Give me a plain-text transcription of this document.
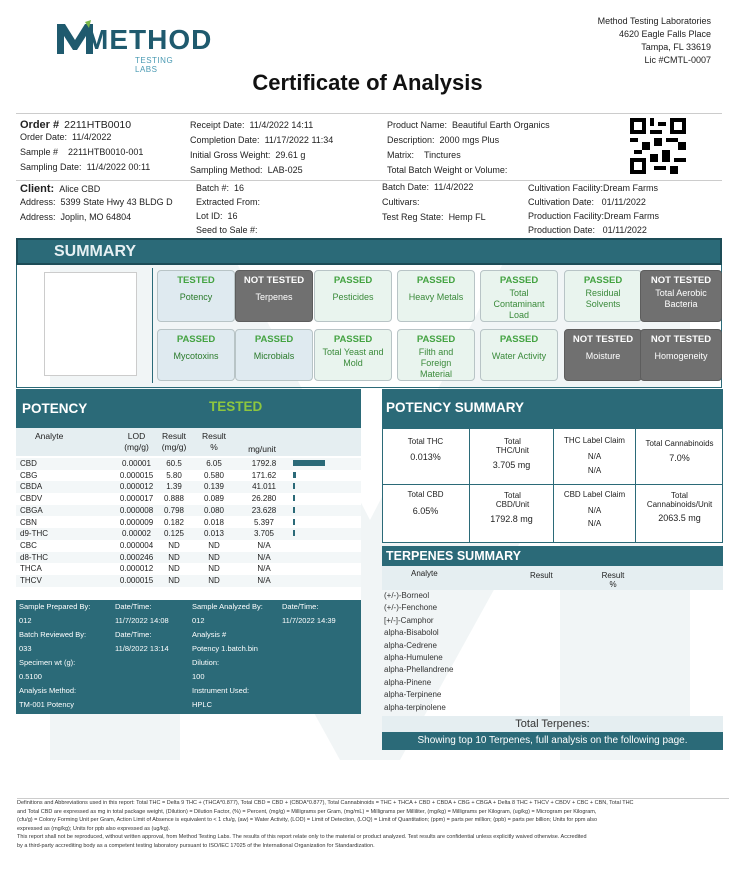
METHOD
TESTING LABS
Method Testing Laboratories
4620 Eagle Falls Place
Tampa, FL 33619
Lic #CMTL-0007
Certificate of Analysis
Order # 2211HTB0010
Order Date: 11/4/2022
Sample # 2211HTB0010-001
Sampling Date: 11/4/2022 00:11
Receipt Date: 11/4/2022 14:11
Completion Date: 11/17/2022 11:34
Initial Gross Weight: 29.61 g
Sampling Method: LAB-025
Product Name: Beautiful Earth Organics
Description: 2000 mgs Plus
Matrix: Tinctures
Total Batch Weight or Volume:
Client: Alice CBD
Address: 5399 State Hwy 43 BLDG D
Address: Joplin, MO 64804
Batch #: 16
Extracted From:
Lot ID: 16
Seed to Sale #:
Batch Date: 11/4/2022
Cultivars:
Test Reg State: Hemp FL
Cultivation Facility:Dream Farms
Cultivation Date: 01/11/2022
Production Facility:Dream Farms
Production Date: 01/11/2022
SUMMARY
TESTED
Potency
NOT TESTED
Terpenes
PASSED
Pesticides
PASSED
Heavy Metals
PASSED
Total Contaminant Load
PASSED
Residual Solvents
NOT TESTED
Total Aerobic Bacteria
PASSED
Mycotoxins
PASSED
Microbials
PASSED
Total Yeast and Mold
PASSED
Filth and Foreign Material
PASSED
Water Activity
NOT TESTED
Moisture
NOT TESTED
Homogeneity
POTENCY	TESTED
Analyte	LOD (mg/g)
Result (mg/g)
Result %	mg/unit
CBD	0.00001	60.5	6.05	1792.8
CBG	0.000015	5.80	0.580	171.62
CBDA	0.000012	1.39	0.139	41.011
CBDV	0.000017	0.888	0.089	26.280
CBGA	0.000008	0.798	0.080	23.628
CBN	0.000009	0.182	0.018	5.397
d9-THC	0.00002	0.125	0.013	3.705
CBC	0.000004	ND	ND	N/A
d8-THC	0.000246	ND	ND	N/A
THCA	0.000012	ND	ND	N/A
THCV	0.000015	ND	ND	N/A
Sample Prepared By:
012
Date/Time:
11/7/2022 14:08
Sample Analyzed By:
012
Date/Time:
11/7/2022 14:39
Batch Reviewed By:
033
Date/Time:
11/8/2022 13:14
Analysis #
Potency 1.batch.bin
Specimen wt (g):
0.5100
Dilution:
100
Analysis Method:
TM-001 Potency
Instrument Used:
HPLC
POTENCY SUMMARY
Total THC
0.013%
Total THC/Unit
3.705 mg
THC Label Claim
N/A
N/A
Total Cannabinoids
7.0%
Total CBD
6.05%
Total CBD/Unit
1792.8 mg
CBD Label Claim
N/A
N/A
Total Cannabinoids/Unit
2063.5 mg
TERPENES SUMMARY
Analyte	Result	Result %
(+/-)-Borneol
(+/-)-Fenchone
[+/-]-Camphor
alpha-Bisabolol
alpha-Cedrene
alpha-Humulene
alpha-Phellandrene
alpha-Pinene
alpha-Terpinene
alpha-terpinolene
Total Terpenes:
Showing top 10 Terpenes, full analysis on the following page.
Definitions and Abbreviations used in this report: Total THC = Delta 9 THC + (THCA*0.877), Total CBD = CBD + (CBDA*0.877), Total Cannabinoids = THC + THCA + CBD + CBDA + CBG + CBGA + Delta 8 THC + THCV + CBDV + CBC + CBN, Total THC
and Total CBD are expressed as mg in total package weight, (Dilution) = Dilution Factor, (%) = Percent, (mg/g) = Milligrams per Gram, (mg/mL) = Milligrams per Milliliter, (mg/kg) = Milligrams per Kilogram, (ug/kg) = Microgram per Kilogram,
(cfu/g) = Colony Forming Unit per Gram, Action Limit of Absence is equivalent to < 1 cfu/g, (aw) = Water Activity, (LOD) = Limit of Detection, (LOQ) = Limit of Quantitation; (ppm) = parts per million; (ppb) = parts per billion; Units for ppm also
expressed as (mg/kg); Units for ppb also expressed as (ug/kg).
This report shall not be reproduced, without written approval, from Method Testing Labs. The results of this report relate only to the material or product analyzed. Test results are confidential unless explicitly waived otherwise. Accredited
by a third-party accrediting body as a competent testing laboratory pursuant to ISO/IEC 17025 of the International Organization for Standardization.
